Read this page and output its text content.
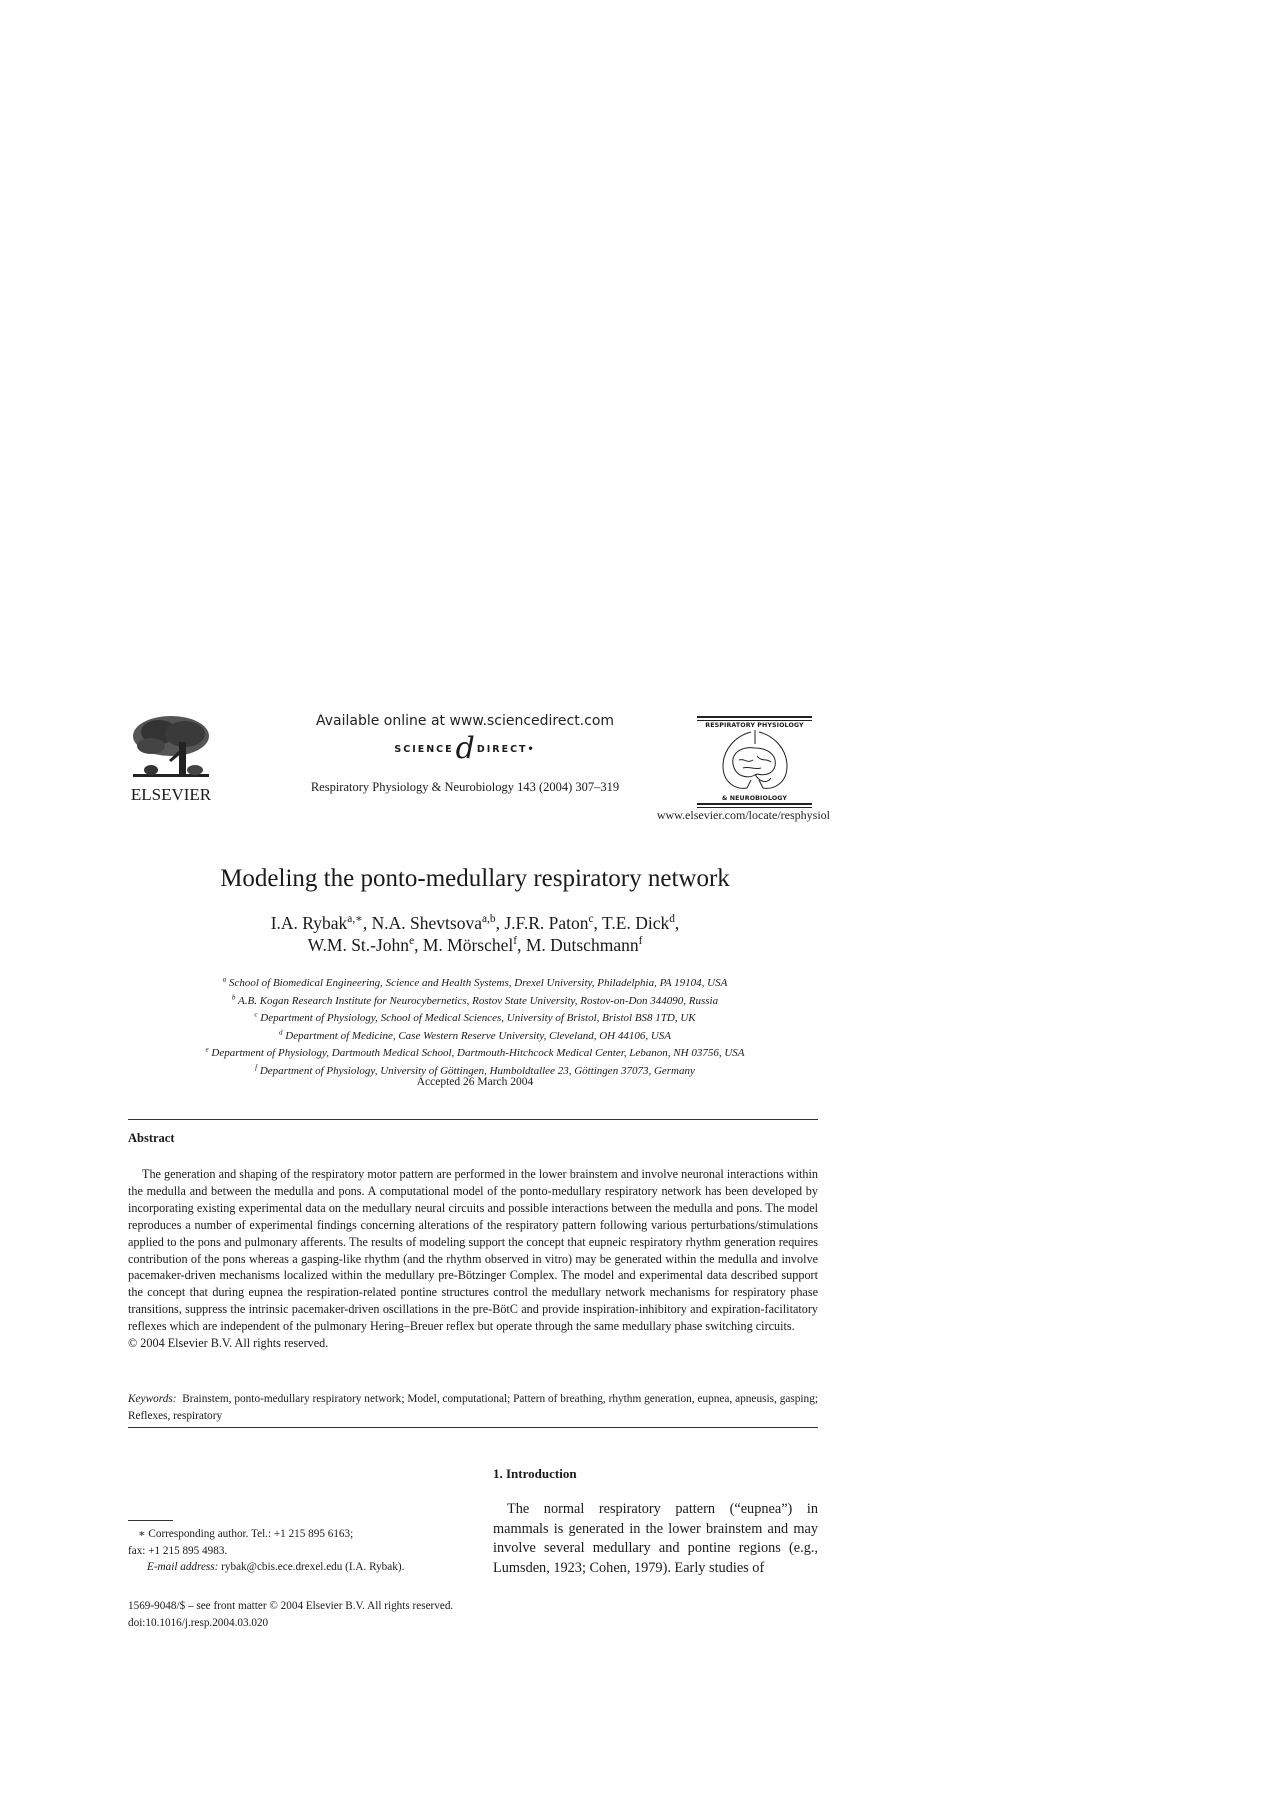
ELSEVIER
Available online at www.sciencedirect.com
SCIENCE d DIRECT•
Respiratory Physiology & Neurobiology 143 (2004) 307–319
RESPIRATORY PHYSIOLOGY
& NEUROBIOLOGY
www.elsevier.com/locate/resphysiol
Modeling the ponto-medullary respiratory network
I.A. Rybak$^{a,∗}$, N.A. Shevtsova$^{a,b}$, J.F.R. Paton$^c$, T.E. Dick$^d$,
W.M. St.-John$^e$, M. Mörschel$^f$, M. Dutschmann$^f$
$^a$ School of Biomedical Engineering, Science and Health Systems, Drexel University, Philadelphia, PA 19104, USA
$^b$ A.B. Kogan Research Institute for Neurocybernetics, Rostov State University, Rostov-on-Don 344090, Russia
$^c$ Department of Physiology, School of Medical Sciences, University of Bristol, Bristol BS8 1TD, UK
$^d$ Department of Medicine, Case Western Reserve University, Cleveland, OH 44106, USA
$^e$ Department of Physiology, Dartmouth Medical School, Dartmouth-Hitchcock Medical Center, Lebanon, NH 03756, USA
$^f$ Department of Physiology, University of Göttingen, Humboldtallee 23, Göttingen 37073, Germany
Accepted 26 March 2004
Abstract
The generation and shaping of the respiratory motor pattern are performed in the lower brainstem and involve neuronal interactions within the medulla and between the medulla and pons. A computational model of the ponto-medullary respiratory network has been developed by incorporating existing experimental data on the medullary neural circuits and possible interactions between the medulla and pons. The model reproduces a number of experimental findings concerning alterations of the respiratory pattern following various perturbations/stimulations applied to the pons and pulmonary afferents. The results of modeling support the concept that eupneic respiratory rhythm generation requires contribution of the pons whereas a gasping-like rhythm (and the rhythm observed in vitro) may be generated within the medulla and involve pacemaker-driven mechanisms localized within the medullary pre-Bötzinger Complex. The model and experimental data described support the concept that during eupnea the respiration-related pontine structures control the medullary network mechanisms for respiratory phase transitions, suppress the intrinsic pacemaker-driven oscillations in the pre-BötC and provide inspiration-inhibitory and expiration-facilitatory reflexes which are independent of the pulmonary Hering–Breuer reflex but operate through the same medullary phase switching circuits.
© 2004 Elsevier B.V. All rights reserved.
Keywords: Brainstem, ponto-medullary respiratory network; Model, computational; Pattern of breathing, rhythm generation, eupnea, apneusis, gasping; Reflexes, respiratory
1. Introduction
The normal respiratory pattern (“eupnea”) in mammals is generated in the lower brainstem and may involve several medullary and pontine regions (e.g., Lumsden, 1923; Cohen, 1979). Early studies of
∗ Corresponding author. Tel.: +1 215 895 6163;
fax: +1 215 895 4983.
E-mail address: rybak@cbis.ece.drexel.edu (I.A. Rybak).
1569-9048/$ – see front matter © 2004 Elsevier B.V. All rights reserved.
doi:10.1016/j.resp.2004.03.020
